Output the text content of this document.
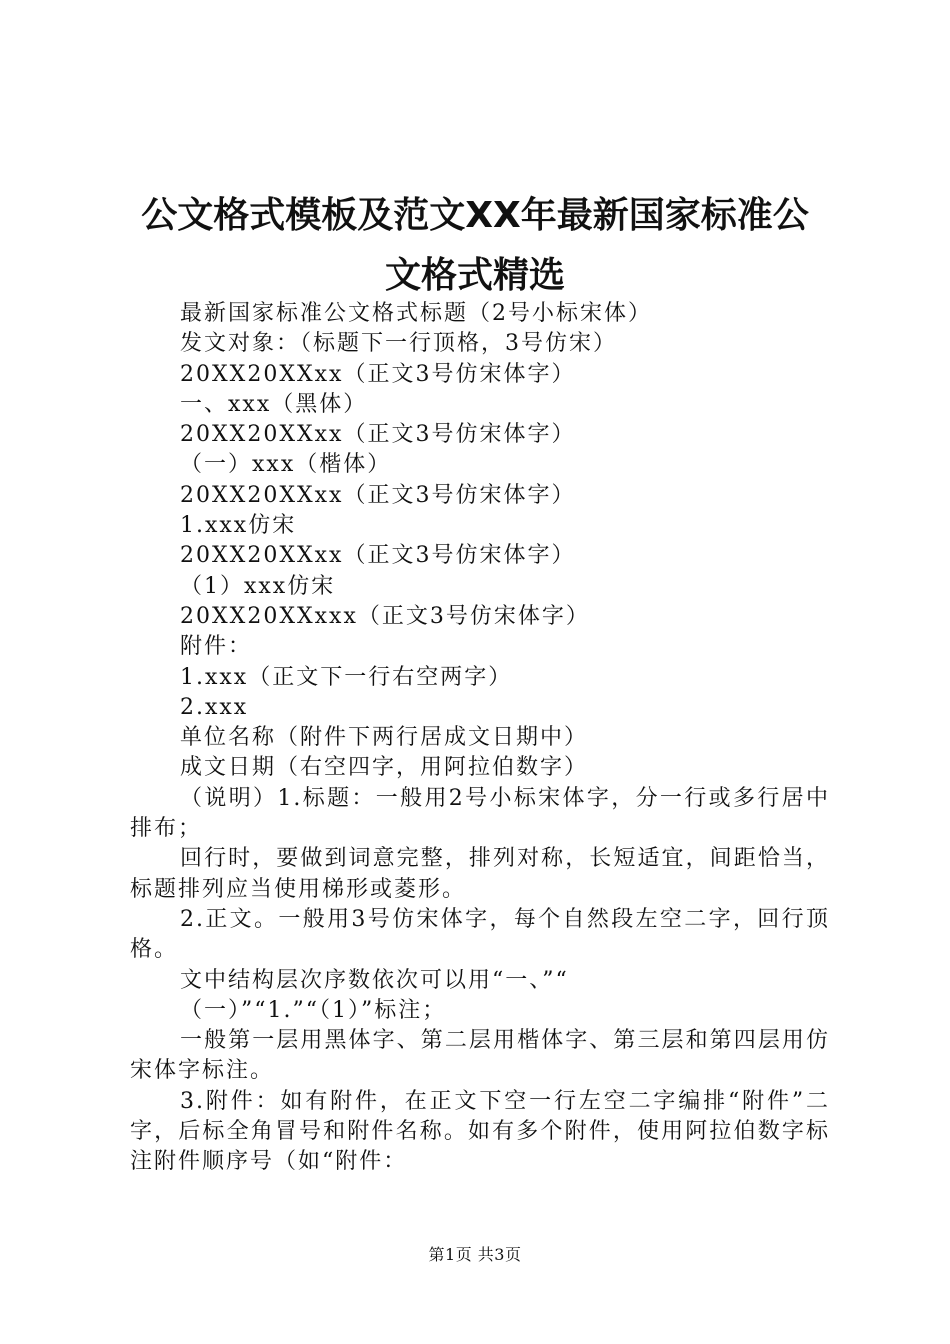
公文格式模板及范文XX年最新国家标准公文格式精选
最新国家标准公文格式标题（2号小标宋体）
发文对象：（标题下一行顶格，3号仿宋）
20XX20XXxx（正文3号仿宋体字）
一、xxx（黑体）
20XX20XXxx（正文3号仿宋体字）
（一）xxx（楷体）
20XX20XXxx（正文3号仿宋体字）
1.xxx仿宋
20XX20XXxx（正文3号仿宋体字）
（1）xxx仿宋
20XX20XXxxx（正文3号仿宋体字）
附件：
1.xxx（正文下一行右空两字）
2.xxx
单位名称（附件下两行居成文日期中）
成文日期（右空四字，用阿拉伯数字）
（说明）1.标题：一般用2号小标宋体字，分一行或多行居中排布；
回行时，要做到词意完整，排列对称，长短适宜，间距恰当，标题排列应当使用梯形或菱形。
2.正文。一般用3号仿宋体字，每个自然段左空二字，回行顶格。
文中结构层次序数依次可以用“一、”“
（一）”“1.”“（1）”标注；
一般第一层用黑体字、第二层用楷体字、第三层和第四层用仿宋体字标注。
3.附件：如有附件，在正文下空一行左空二字编排“附件”二字，后标全角冒号和附件名称。如有多个附件，使用阿拉伯数字标注附件顺序号（如“附件：
第1页 共3页
